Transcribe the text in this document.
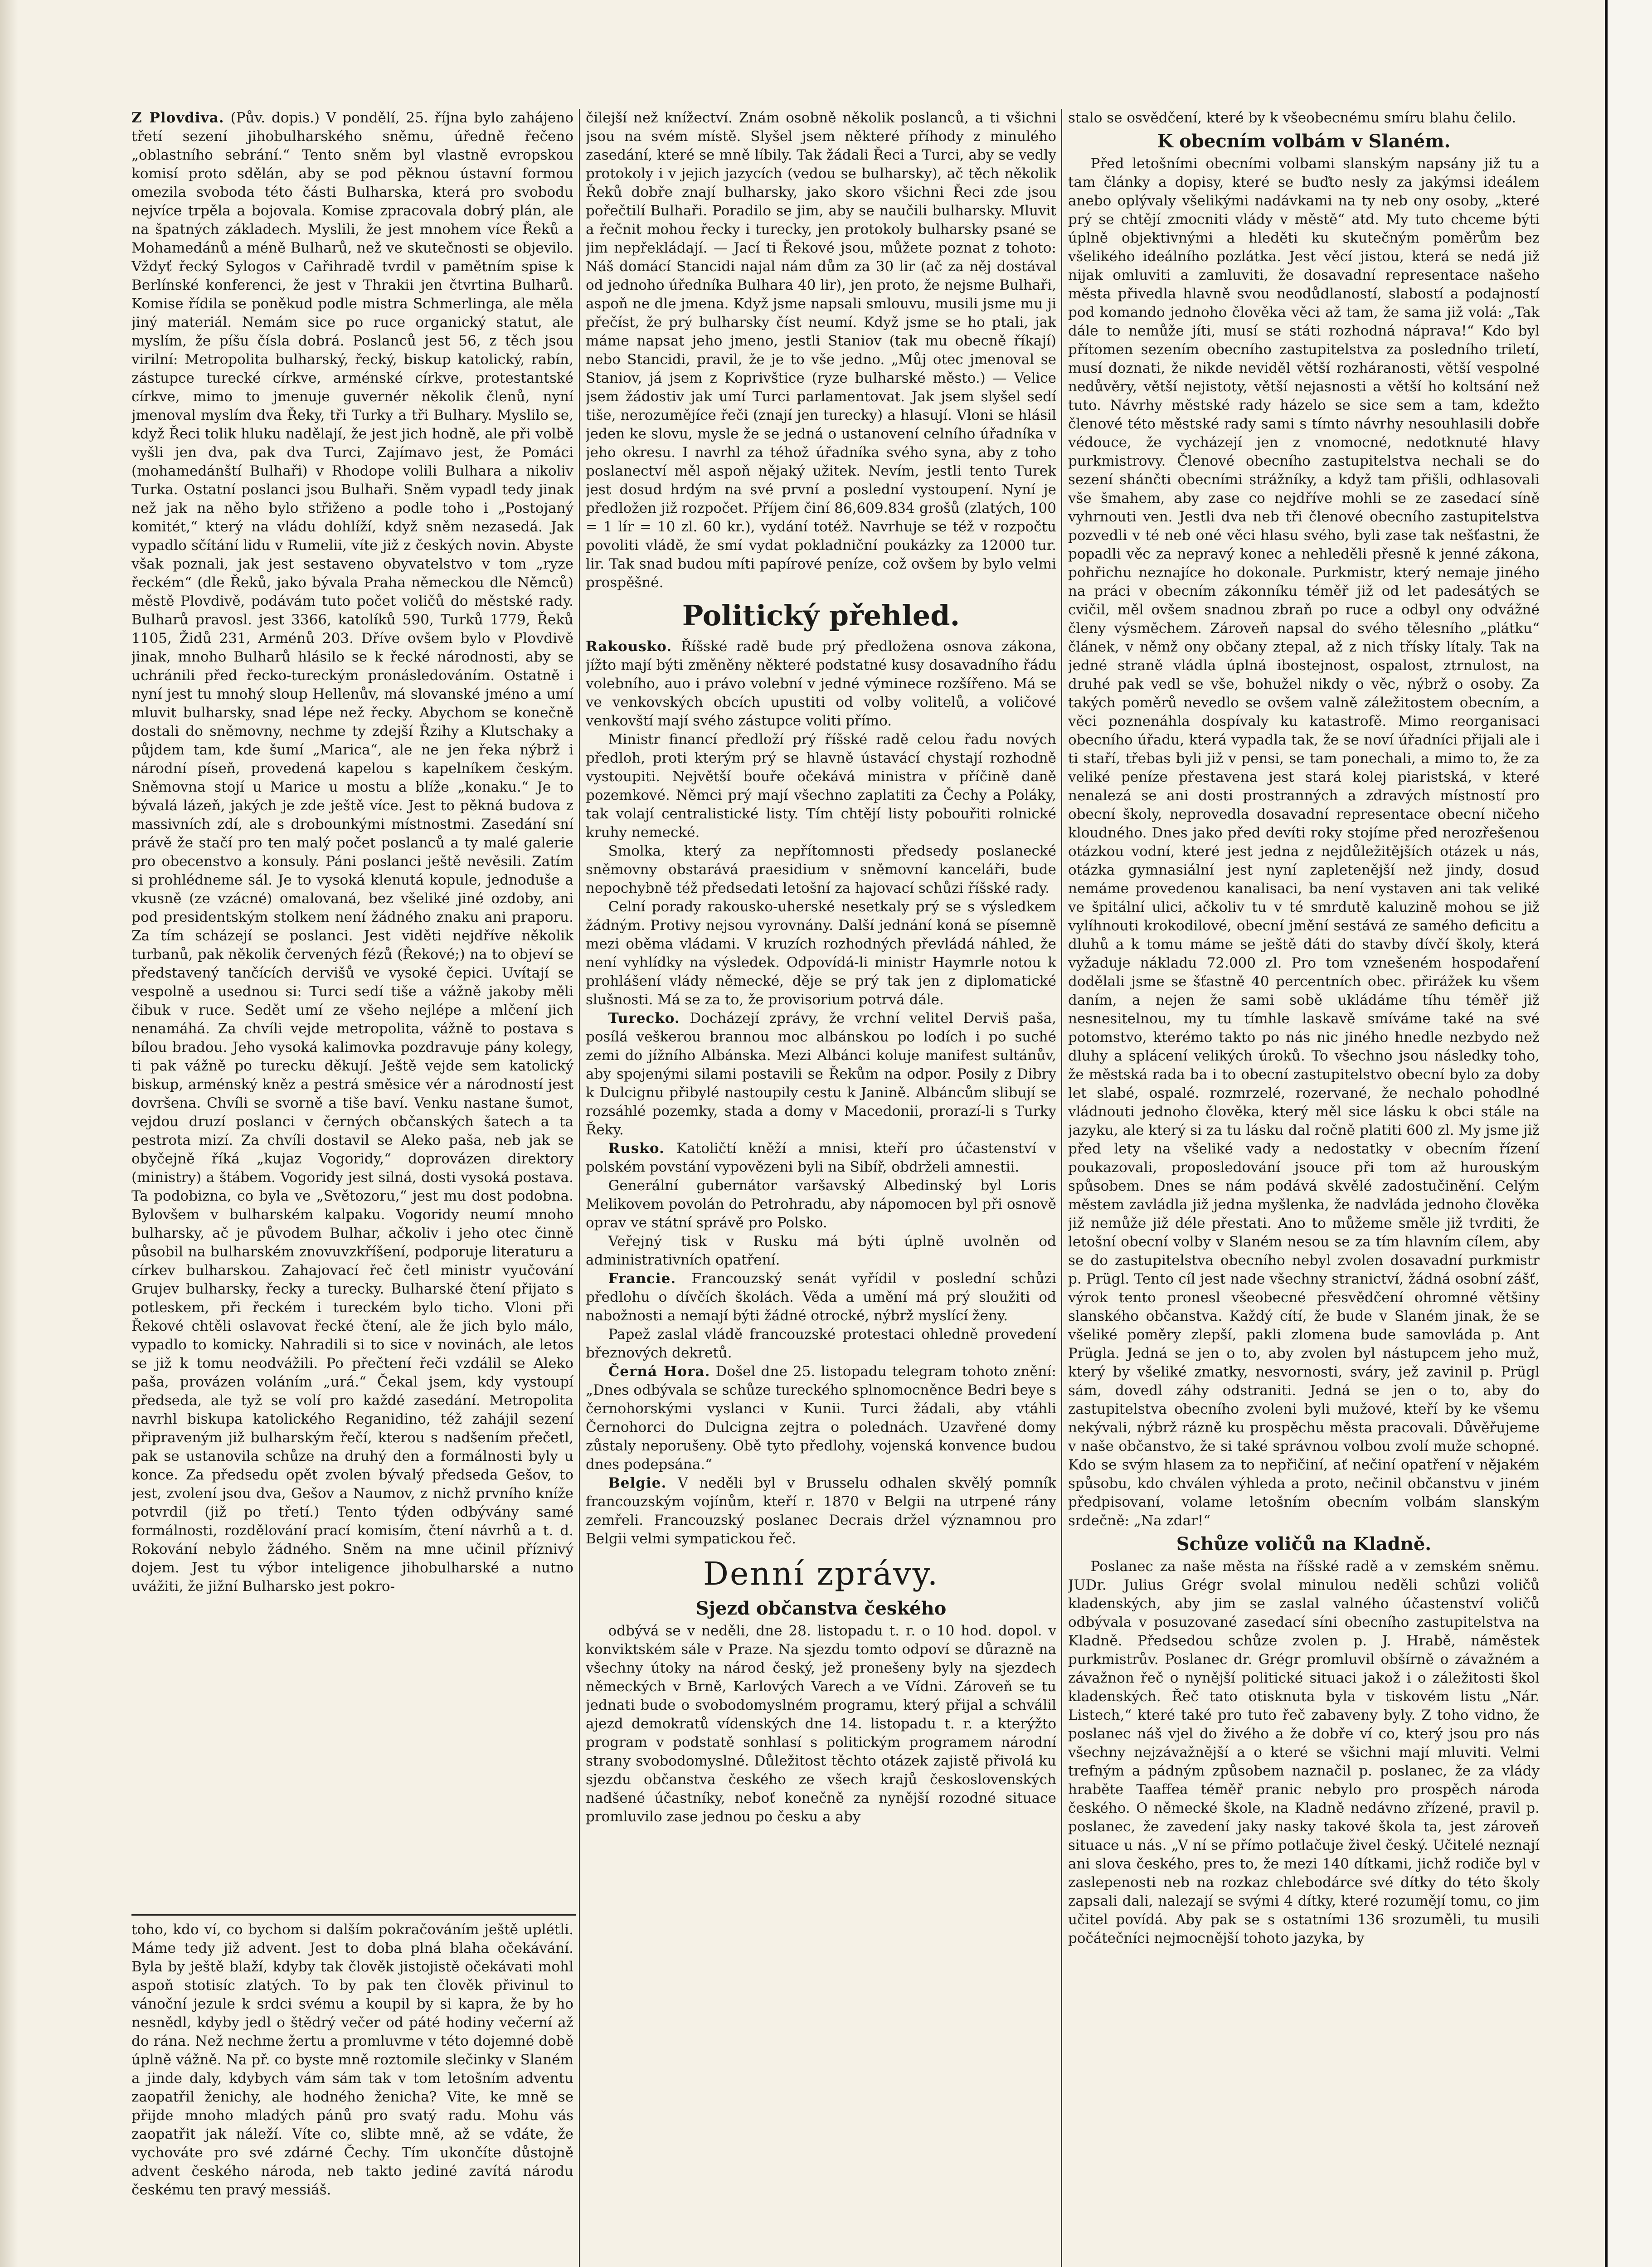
Z Plovdiva. (Pův. dopis.) V pondělí, 25. října bylo zahájeno třetí sezení jihobulharského sněmu, úředně řečeno „oblastního sebrání.“ Tento sněm byl vlastně evropskou komisí proto sdělán, aby se pod pěknou ústavní formou omezila svoboda této části Bulharska, která pro svobodu nejvíce trpěla a bojovala. Komise zpracovala dobrý plán, ale na špatných základech. Myslili, že jest mnohem více Řeků a Mohamedánů a méně Bulharů, než ve skutečnosti se objevilo. Vždyť řecký Sylogos v Cařihradě tvrdil v pamětním spise k Berlínské konferenci, že jest v Thrakii jen čtvrtina Bulharů. Komise řídila se poněkud podle mistra Schmerlinga, ale měla jiný materiál. Nemám sice po ruce organický statut, ale myslím, že píšu čísla dobrá. Poslanců jest 56, z těch jsou virilní: Metropolita bulharský, řecký, biskup katolický, rabín, zástupce turecké církve, arménské církve, protestantské církve, mimo to jmenuje guvernér několik členů, nyní jmenoval myslím dva Řeky, tři Turky a tři Bulhary. Myslilo se, když Řeci tolik hluku nadělají, že jest jich hodně, ale při volbě vyšli jen dva, pak dva Turci, Zajímavo jest, že Pomáci (mohamedánští Bulhaři) v Rhodope volili Bulhara a nikoliv Turka. Ostatní poslanci jsou Bulhaři. Sněm vypadl tedy jinak než jak na něho bylo střiženo a podle toho i „Postojaný komitét,“ který na vládu dohlíží, když sněm nezasedá. Jak vypadlo sčítání lidu v Rumelii, víte již z českých novin. Abyste však poznali, jak jest sestaveno obyvatelstvo v tom „ryze řeckém“ (dle Řeků, jako bývala Praha německou dle Němců) městě Plovdivě, podávám tuto počet voličů do městské rady. Bulharů pravosl. jest 3366, katolíků 590, Turků 1779, Řeků 1105, Židů 231, Arménů 203. Dříve ovšem bylo v Plovdivě jinak, mnoho Bulharů hlásilo se k řecké národnosti, aby se uchránili před řecko-tureckým pronásledováním. Ostatně i nyní jest tu mnohý sloup Hellenův, má slovanské jméno a umí mluvit bulharsky, snad lépe než řecky. Abychom se konečně dostali do sněmovny, nechme ty zdejší Řzihy a Klutschaky a půjdem tam, kde šumí „Marica“, ale ne jen řeka nýbrž i národní píseň, provedená kapelou s kapelníkem českým. Sněmovna stojí u Marice u mostu a blíže „konaku.“ Je to bývalá lázeň, jakých je zde ještě více. Jest to pěkná budova z massivních zdí, ale s drobounkými místnostmi. Zasedání sní právě že stačí pro ten malý počet poslanců a ty malé galerie pro obecenstvo a konsuly. Páni poslanci ještě nevěsili. Zatím si prohlédneme sál. Je to vysoká klenutá kopule, jednoduše a vkusně (ze vzácné) omalovaná, bez všeliké jiné ozdoby, ani pod presidentským stolkem není žádného znaku ani praporu. Za tím scházejí se poslanci. Jest viděti nejdříve několik turbanů, pak několik červených fézů (Řekové;) na to objeví se představený tančících dervišů ve vysoké čepici. Uvítají se vespolně a usednou si: Turci sedí tiše a vážně jakoby měli čibuk v ruce. Sedět umí ze všeho nejlépe a mlčení jich nenamáhá. Za chvíli vejde metropolita, vážně to postava s bílou bradou. Jeho vysoká kalimovka pozdravuje pány kolegy, ti pak vážně po turecku děkují. Ještě vejde sem katolický biskup, arménský kněz a pestrá směsice vér a národností jest dovršena. Chvíli se svorně a tiše baví. Venku nastane šumot, vejdou druzí poslanci v černých občanských šatech a ta pestrota mizí. Za chvíli dostavil se Aleko paša, neb jak se obyčejně říká „kujaz Vogoridy,“ doprovázen direktory (ministry) a štábem. Vogoridy jest silná, dosti vysoká postava. Ta podobizna, co byla ve „Světozoru,“ jest mu dost podobna. Bylovšem v bulharském kalpaku. Vogoridy neumí mnoho bulharsky, ač je původem Bulhar, ačkoliv i jeho otec činně působil na bulharském znovuvzkříšení, podporuje literaturu a církev bulharskou. Zahajovací řeč četl ministr vyučování Grujev bulharsky, řecky a turecky. Bulharské čtení přijato s potleskem, při řeckém i tureckém bylo ticho. Vloni při Řekové chtěli oslavovat řecké čtení, ale že jich bylo málo, vypadlo to komicky. Nahradili si to sice v novinách, ale letos se již k tomu neodvážili. Po přečtení řeči vzdálil se Aleko paša, provázen voláním „urá.“ Čekal jsem, kdy vystoupí předseda, ale tyž se volí pro každé zasedání. Metropolita navrhl biskupa katolického Reganidino, též zahájil sezení připraveným již bulharským řečí, kterou s nadšením přečetl, pak se ustanovila schůze na druhý den a formálnosti byly u konce. Za předsedu opět zvolen bývalý předseda Gešov, to jest, zvolení jsou dva, Gešov a Naumov, z nichž prvního kníže potvrdil (již po třetí.) Tento týden odbývány samé formálnosti, rozdělování prací komisím, čtení návrhů a t. d. Rokování nebylo žádného. Sněm na mne učinil příznivý dojem. Jest tu výbor inteligence jihobulharské a nutno uvážiti, že jižní Bulharsko jest pokro-

toho, kdo ví, co bychom si dalším pokračováním ještě uplétli. Máme tedy již advent. Jest to doba plná blaha očekávání. Byla by ještě blaží, kdyby tak člověk jistojistě očekávati mohl aspoň stotisíc zlatých. To by pak ten člověk přivinul to vánoční jezule k srdci svému a koupil by si kapra, že by ho nesnědl, kdyby jedl o štědrý večer od páté hodiny večerní až do rána. Než nechme žertu a promluvme v této dojemné době úplně vážně. Na př. co byste mně roztomile slečinky v Slaném a jinde daly, kdybych vám sám tak v tom letošním adventu zaopatřil ženichy, ale hodného ženicha? Vite, ke mně se přijde mnoho mladých pánů pro svatý radu. Mohu vás zaopatřit jak náleží. Víte co, slibte mně, až se vdáte, že vychováte pro své zdárné Čechy. Tím ukončíte důstojně advent českého národa, neb takto jediné zavítá národu českému ten pravý messiáš.

čilejší než knížectví. Znám osobně několik poslanců, a ti všichni jsou na svém místě. Slyšel jsem některé příhody z minulého zasedání, které se mně líbily. Tak žádali Řeci a Turci, aby se vedly protokoly i v jejich jazycích (vedou se bulharsky), ač těch několik Řeků dobře znají bulharsky, jako skoro všichni Řeci zde jsou pořečtilí Bulhaři. Poradilo se jim, aby se naučili bulharsky. Mluvit a řečnit mohou řecky i turecky, jen protokoly bulharsky psané se jim nepřekládají. — Jací ti Řekové jsou, můžete poznat z tohoto: Náš domácí Stancidi najal nám dům za 30 lir (ač za něj dostával od jednoho úředníka Bulhara 40 lir), jen proto, že nejsme Bulhaři, aspoň ne dle jmena. Když jsme napsali smlouvu, musili jsme mu ji přečíst, že prý bulharsky číst neumí. Když jsme se ho ptali, jak máme napsat jeho jmeno, jestli Staniov (tak mu obecně říkají) nebo Stancidi, pravil, že je to vše jedno. „Můj otec jmenoval se Staniov, já jsem z Koprivštice (ryze bulharské město.) — Velice jsem žádostiv jak umí Turci parlamentovat. Jak jsem slyšel sedí tiše, nerozumějíce řeči (znají jen turecky) a hlasují. Vloni se hlásil jeden ke slovu, mysle že se jedná o ustanovení celního úřadníka v jeho okresu. I navrhl za téhož úřadníka svého syna, aby z toho poslanectví měl aspoň nějaký užitek. Nevím, jestli tento Turek jest dosud hrdým na své první a poslední vystoupení. Nyní je předložen již rozpočet. Příjem činí 8​6,609.834 grošů (zlatých, 100 = 1 lír = 10 zl. 60 kr.), vydání totéž. Navrhuje se též v rozpočtu povoliti vládě, že smí vydat pokladniční poukázky za 12000 tur. lir. Tak snad budou míti papírové peníze, což ovšem by bylo velmi prospěšné.

Politický přehled.

Rakousko. Říšské radě bude prý předložena osnova zákona, jížto mají býti změněny některé podstatné kusy dosavadního řádu volebního, auo i právo volební v jedné výminece rozšířeno. Má se ve venkovských obcích upustiti od volby volitelů, a voličové venkovští mají svého zástupce voliti přímo.

Ministr financí předloží prý říšské radě celou řadu nových předloh, proti kterým prý se hlavně ústavácí chystají rozhodně vystoupiti. Největší bouře očekává ministra v příčině daně pozemkové. Němci prý mají všechno zaplatiti za Čechy a Poláky, tak volají centralistické listy. Tím chtějí listy pobouřiti rolnické kruhy nemecké.

Smolka, který za nepřítomnosti předsedy poslanecké sněmovny obstarává praesidium v sněmovní kanceláři, bude nepochybně též předsedati letošní za hajovací schůzi říšské rady.

Celní porady rakousko-uherské nesetkaly prý se s výsledkem žádným. Protivy nejsou vyrovnány. Další jednání koná se písemně mezi oběma vládami. V kruzích rozhodných převládá náhled, že není vyhlídky na výsledek. Odpovídá-li ministr Haymrle notou k prohlášení vlády německé, děje se prý tak jen z diplomatické slušnosti. Má se za to, že provisorium potrvá dále.

Turecko. Docházejí zprávy, že vrchní velitel Derviš paša, posílá veškerou brannou moc albánskou po lodích i po suché zemi do jížního Albánska. Mezi Albánci koluje manifest sultánův, aby spojenými silami postavili se Řekům na odpor. Posily z Dibry k Dulcignu přibylé nastoupily cestu k Janině. Albáncům slibují se rozsáhlé pozemky, stada a domy v Macedonii, prorazí-li s Turky Řeky.

Rusko. Katoličtí kněží a mnisi, kteří pro účastenství v polském povstání vypovězeni byli na Sibíř, obdrželi amnestii.

Generální gubernátor varšavský Albedinský byl Loris Melikovem povolán do Petrohradu, aby nápomocen byl při osnově oprav ve státní správě pro Polsko.

Veřejný tisk v Rusku má býti úplně uvolněn od administrativních opatření.

Francie. Francouzský senát vyřídil v poslední schůzi předlohu o dívčích školách. Věda a umění má prý sloužiti od nabožnosti a nemají býti žádné otrocké, nýbrž myslící ženy.

Papež zaslal vládě francouzské protestaci ohledně provedení březnových dekretů.

Černá Hora. Došel dne 25. listopadu telegram tohoto znění: „Dnes odbývala se schůze tureckého splnomocněnce Bedri beye s černohorskými vyslanci v Kunii. Turci žádali, aby vtáhli Černohorci do Dulcigna zejtra o polednách. Uzavřené domy zůstaly neporušeny. Obě tyto předlohy, vojenská konvence budou dnes podepsána.“

Belgie. V neděli byl v Brusselu odhalen skvělý pomník francouzským vojínům, kteří r. 1870 v Belgii na utrpené rány zemřeli. Francouzský poslanec Decrais držel významnou pro Belgii velmi sympatickou řeč.

Denní zprávy.
Sjezd občanstva českého

odbývá se v neděli, dne 28. listopadu t. r. o 10 hod. dopol. v konviktském sále v Praze. Na sjezdu tomto odpoví se důrazně na všechny útoky na národ český, jež pronešeny byly na sjezdech německých v Brně, Karlových Varech a ve Vídni. Zároveň se tu jednati bude o svobodomyslném programu, který přijal a schválil ajezd demokratů vídenských dne 14. listopadu t. r. a kterýžto program v podstatě sonhlasí s politickým programem národní strany svobodomyslné. Důležitost těchto otázek zajistě přivolá ku sjezdu občanstva českého ze všech krajů československých nadšené účastníky, neboť konečně za nynější rozodné situace promluvilo zase jednou po česku a aby

stalo se osvědčení, které by k všeobecnému smíru blahu čelilo.

K obecním volbám v Slaném.

Před letošními obecními volbami slanským napsány již tu a tam články a dopisy, které se buďto nesly za jakýmsi ideálem anebo oplývaly všelikými nadávkami na ty neb ony osoby, „které prý se chtějí zmocniti vlády v městě“ atd. My tuto chceme býti úplně objektivnými a hleděti ku skutečným poměrům bez všelikého ideálního pozlátka. Jest věcí jistou, která se nedá již nijak omluviti a zamluviti, že dosavadní representace našeho města přivedla hlavně svou neodůdlaností, slabostí a podajností pod komando jednoho člověka věci až tam, že sama již volá: „Tak dále to nemůže jíti, musí se státi rozhodná náprava!“ Kdo byl přítomen sezením obecního zastupitelstva za posledního triletí, musí doznati, že nikde neviděl větší rozháranosti, větší vespolné nedůvěry, větší nejistoty, větší nejasnosti a větší ho koltsání než tuto. Návrhy městské rady házelo se sice sem a tam, kdežto členové této městské rady sami s tímto návrhy nesouhlasili dobře védouce, že vycházejí jen z vnomocné, nedotknuté hlavy purkmistrovy. Členové obecního zastupitelstva nechali se do sezení shánčti obecními strážníky, a když tam přišli, odhlasovali vše šmahem, aby zase co nejdříve mohli se ze zasedací síně vyhrnouti ven. Jestli dva neb tři členové obecního zastupitelstva pozvedli v té neb oné věci hlasu svého, byli zase tak nešťastni, že popadli věc za nepravý konec a nehleděli přesně k jenné zákona, pohřichu neznajíce ho dokonale. Purkmistr, který nemaje jiného na práci v obecním zákonníku téměř již od let padesátých se cvičil, měl ovšem snadnou zbraň po ruce a odbyl ony odvážné členy výsměchem. Zároveň napsal do svého tělesního „plátku“ článek, v němž ony občany ztepal, až z nich třísky lítaly. Tak na jedné straně vládla úplná ibostejnost, ospalost, ztrnulost, na druhé pak vedl se vše, bohužel nikdy o věc, nýbrž o osoby. Za takých poměrů nevedlo se ovšem valně záležitostem obecním, a věci poznenáhla dospívaly ku katastrofě. Mimo reorganisaci obecního úřadu, která vypadla tak, že se noví úřadníci přijali ale i ti staří, třebas byli již v pensi, se tam ponechali, a mimo to, že za veliké peníze přestavena jest stará kolej piaristská, v které nenalezá se ani dosti prostranných a zdravých místností pro obecní školy, neprovedla dosavadní representace obecní ničeho kloudného. Dnes jako před devíti roky stojíme před nerozřešenou otázkou vodní, které jest jedna z nejdůležitějších otázek u nás, otázka gymnasiální jest nyní zapletenější než jindy, dosud nemáme provedenou kanalisaci, ba není vystaven ani tak veliké ve špitální ulici, ačkoliv tu v té smrdutě kaluzině mohou se již vylíhnouti krokodilové, obecní jmění sestává ze samého deficitu a dluhů a k tomu máme se ještě dáti do stavby dívčí školy, která vyžaduje nákladu 72.000 zl. Pro tom vznešeném hospodaření dodělali jsme se šťastně 40 percentních obec. přirážek ku všem daním, a nejen že sami sobě ukládáme tíhu téměř již nesnesitelnou, my tu tímhle laskavě smíváme také na své potomstvo, kterémo takto po nás nic jiného hnedle nezbydo než dluhy a splácení velikých úroků. To všechno jsou následky toho, že městská rada ba i to obecní zastupitelstvo obecní bylo za doby let slabé, ospalé. rozmrzelé, rozervané, že nechalo pohodlné vládnouti jednoho člověka, který měl sice lásku k obci stále na jazyku, ale který si za tu lásku dal ročně platiti 600 zl. My jsme již před lety na všeliké vady a nedostatky v obecním řízení poukazovali, proposledování jsouce při tom až hurouským spůsobem. Dnes se nám podává skvělé zadostučinění. Celým městem zavládla již jedna myšlenka, že nadvláda jednoho člověka již nemůže již déle přestati. Ano to můžeme směle již tvrditi, že letošní obecní volby v Slaném nesou se za tím hlavním cílem, aby se do zastupitelstva obecního nebyl zvolen dosavadní purkmistr p. Prügl. Tento cíl jest nade všechny stranictví, žádná osobní zášť, výrok tento pronesl všeobecné přesvědčení ohromné většiny slanského občanstva. Každý cítí, že bude v Slaném jinak, že se všeliké poměry zlepší, pakli zlomena bude samovláda p. Ant Prügla. Jedná se jen o to, aby zvolen byl nástupcem jeho muž, který by všeliké zmatky, nesvornosti, sváry, jež zavinil p. Prügl sám, dovedl záhy odstraniti. Jedná se jen o to, aby do zastupitelstva obecního zvoleni byli mužové, kteří by ke všemu nekývali, nýbrž rázně ku prospěchu města pracovali. Důvěřujeme v naše občanstvo, že si také správnou volbou zvolí muže schopné. Kdo se svým hlasem za to nepřičiní, ať nečiní opatření v nějakém spůsobu, kdo chválen výhleda a proto, nečinil občanstvu v jiném předpisovaní, volame letošním obecním volbám slanským srdečně: „Na zdar!“

Schůze voličů na Kladně.

Poslanec za naše města na říšské radě a v zemském sněmu. JUDr. Julius Grégr svolal minulou neděli schůzi voličů kladenských, aby jim se zaslal valného účastenství voličů odbývala v posuzované zasedací síni obecního zastupitelstva na Kladně. Předsedou schůze zvolen p. J. Hrabě, náměstek purkmistrův. Poslanec dr. Grégr promluvil obšírně o závažném a závažnon řeč o nynější politické situaci jakož i o záležitosti škol kladenských. Řeč tato otisknuta byla v tiskovém listu „Nár. Listech,“ které také pro tuto řeč zabaveny byly. Z toho vidno, že poslanec náš vjel do živého a že dobře ví co, který jsou pro nás všechny nejzávažnější a o které se všichni mají mluviti. Velmi trefným a pádným způsobem naznačil p. poslanec, že za vlády hraběte Taaffea téměř pranic nebylo pro prospěch národa českého. O německé škole, na Kladně nedávno zřízené, pravil p. poslanec, že zavedení jaky nasky takové škola ta, jest zároveň situace u nás. „V ní se přímo potlačuje živel český. Učitelé neznají ani slova českého, pres to, že mezi 140 dítkami, jichž rodiče byl v zaslepenosti neb na rozkaz chlebodárce své dítky do této školy zapsali dali, nalezají se svými 4 dítky, které rozumějí tomu, co jim učitel povídá. Aby pak se s ostatními 136 srozuměli, tu musili počátečníci nejmocnější tohoto jazyka, by
